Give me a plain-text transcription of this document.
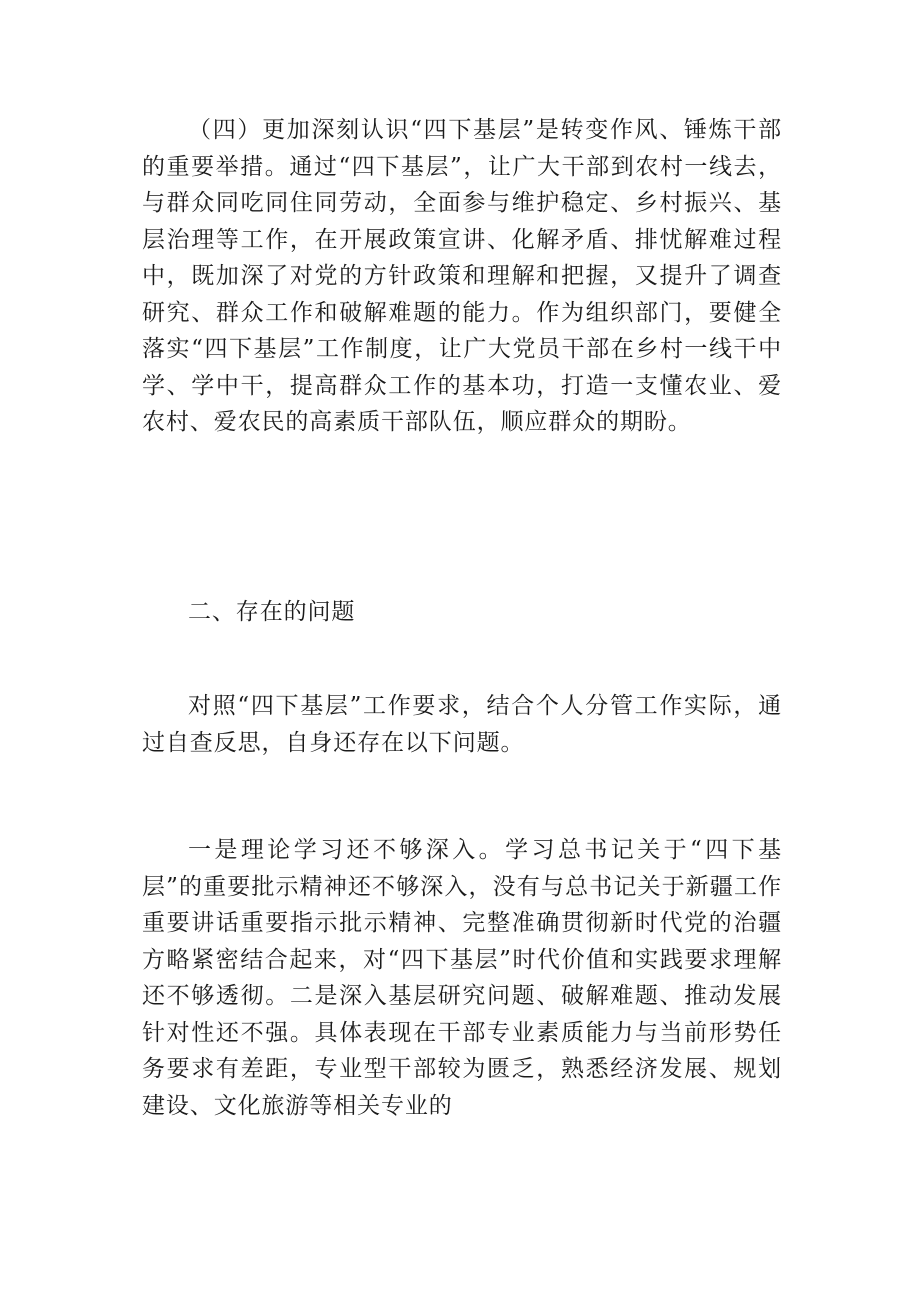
（四）更加深刻认识“四下基层”是转变作风、锤炼干部的重要举措。通过“四下基层”，让广大干部到农村一线去，与群众同吃同住同劳动，全面参与维护稳定、乡村振兴、基层治理等工作，在开展政策宣讲、化解矛盾、排忧解难过程中，既加深了对党的方针政策和理解和把握，又提升了调查研究、群众工作和破解难题的能力。作为组织部门，要健全落实“四下基层”工作制度，让广大党员干部在乡村一线干中学、学中干，提高群众工作的基本功，打造一支懂农业、爱农村、爱农民的高素质干部队伍，顺应群众的期盼。

二、存在的问题

对照“四下基层”工作要求，结合个人分管工作实际，通过自查反思，自身还存在以下问题。

一是理论学习还不够深入。学习总书记关于“四下基层”的重要批示精神还不够深入，没有与总书记关于新疆工作重要讲话重要指示批示精神、完整准确贯彻新时代党的治疆方略紧密结合起来，对“四下基层”时代价值和实践要求理解还不够透彻。二是深入基层研究问题、破解难题、推动发展针对性还不强。具体表现在干部专业素质能力与当前形势任务要求有差距，专业型干部较为匮乏，熟悉经济发展、规划建设、文化旅游等相关专业的
